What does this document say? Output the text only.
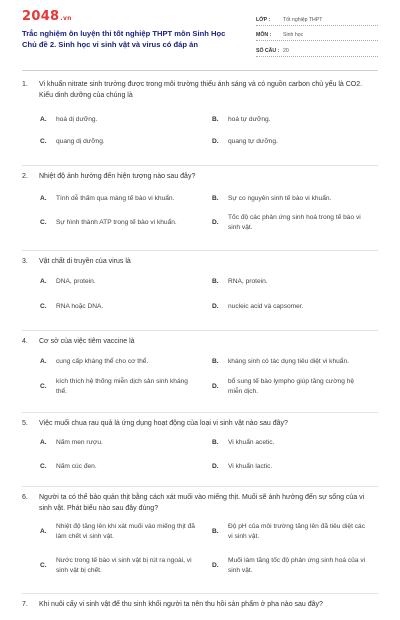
2048.vn
Trắc nghiệm ôn luyện thi tốt nghiệp THPT môn Sinh Học Chủ đề 2. Sinh học vi sinh vật và virus có đáp án
LỚP :	Tốt nghiệp THPT
MÔN :	Sinh học
SỐ CÂU : 20
1.	Vi khuẩn nitrate sinh trưởng được trong môi trường thiếu ánh sáng và có nguồn carbon chủ yếu là CO2. Kiểu dinh dưỡng của chúng là
A.	hoá dị dưỡng.	B.	hoá tự dưỡng.
C.	quang dị dưỡng.	D.	quang tự dưỡng.
2.	Nhiệt độ ảnh hưởng đến hiện tượng nào sau đây?
A.	Tính dễ thấm qua màng tế bào vi khuẩn.	B.	Sự co nguyên sinh tế bào vi khuẩn.
C.	Sự hình thành ATP trong tế bào vi khuẩn.	D.
Tốc độ các phản ứng sinh hoá trong tế bào vi sinh vật.
3.	Vật chất di truyền của virus là
A.	DNA, protein.	B.	RNA, protein.
C.	RNA hoặc DNA.	D.	nucleic acid và capsomer.
4.	Cơ sở của việc tiêm vaccine là
A.	cung cấp kháng thể cho cơ thể.	B.	kháng sinh có tác dụng tiêu diệt vi khuẩn.
C.
kích thích hệ thống miễn dịch sản sinh kháng thể.
D.
bổ sung tế bào lympho giúp tăng cường hệ miễn dịch.
5.	Việc muối chua rau quả là ứng dụng hoạt động của loại vi sinh vật nào sau đây?
A.	Nấm men rượu.	B.	Vi khuẩn acetic.
C.	Nấm cúc đen.	D.	Vi khuẩn lactic.
6.	Người ta có thể bảo quản thịt bằng cách xát muối vào miếng thịt. Muối sẽ ảnh hưởng đến sự sống của vi sinh vật. Phát biểu nào sau đây đúng?
A.
Nhiệt độ tăng lên khi xát muối vào miếng thịt đã làm chết vi sinh vật.
B.
Độ pH của môi trường tăng lên đã tiêu diệt các vi sinh vật.
C.
Nước trong tế bào vi sinh vật bị rút ra ngoài, vi sinh vật bị chết.
D.
Muối làm tăng tốc độ phản ứng sinh hoá của vi sinh vật.
7.	Khi nuôi cấy vi sinh vật để thu sinh khối người ta nên thu hồi sản phẩm ở pha nào sau đây?
